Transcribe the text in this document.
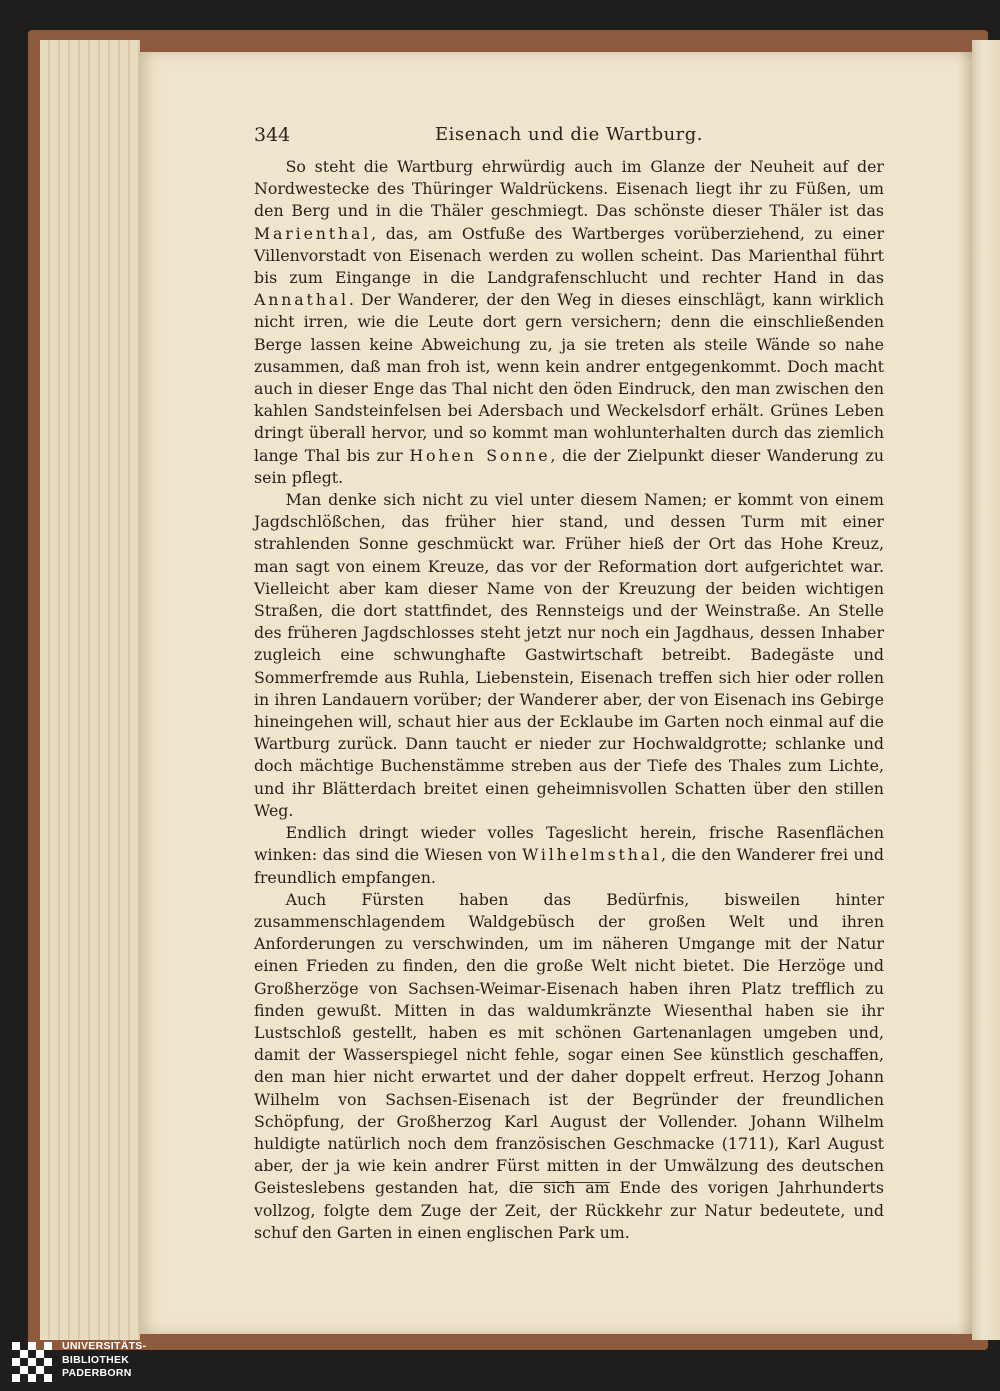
344	Eisenach und die Wartburg.

So steht die Wartburg ehrwürdig auch im Glanze der Neuheit auf der Nordwestecke des Thüringer Waldrückens. Eisenach liegt ihr zu Füßen, um den Berg und in die Thäler geschmiegt. Das schönste dieser Thäler ist das Marienthal, das, am Ostfuße des Wartberges vorüberziehend, zu einer Villenvorstadt von Eisenach werden zu wollen scheint. Das Marienthal führt bis zum Eingange in die Landgrafenschlucht und rechter Hand in das Annathal. Der Wanderer, der den Weg in dieses einschlägt, kann wirklich nicht irren, wie die Leute dort gern versichern; denn die einschließenden Berge lassen keine Abweichung zu, ja sie treten als steile Wände so nahe zusammen, daß man froh ist, wenn kein andrer entgegenkommt. Doch macht auch in dieser Enge das Thal nicht den öden Eindruck, den man zwischen den kahlen Sandsteinfelsen bei Adersbach und Weckelsdorf erhält. Grünes Leben dringt überall hervor, und so kommt man wohlunterhalten durch das ziemlich lange Thal bis zur Hohen Sonne, die der Zielpunkt dieser Wanderung zu sein pflegt.

Man denke sich nicht zu viel unter diesem Namen; er kommt von einem Jagdschlößchen, das früher hier stand, und dessen Turm mit einer strahlenden Sonne geschmückt war. Früher hieß der Ort das Hohe Kreuz, man sagt von einem Kreuze, das vor der Reformation dort aufgerichtet war. Vielleicht aber kam dieser Name von der Kreuzung der beiden wichtigen Straßen, die dort stattfindet, des Rennsteigs und der Weinstraße. An Stelle des früheren Jagdschlosses steht jetzt nur noch ein Jagdhaus, dessen Inhaber zugleich eine schwunghafte Gastwirtschaft betreibt. Badegäste und Sommerfremde aus Ruhla, Liebenstein, Eisenach treffen sich hier oder rollen in ihren Landauern vorüber; der Wanderer aber, der von Eisenach ins Gebirge hineingehen will, schaut hier aus der Ecklaube im Garten noch einmal auf die Wartburg zurück. Dann taucht er nieder zur Hochwaldgrotte; schlanke und doch mächtige Buchenstämme streben aus der Tiefe des Thales zum Lichte, und ihr Blätterdach breitet einen geheimnisvollen Schatten über den stillen Weg.

Endlich dringt wieder volles Tageslicht herein, frische Rasenflächen winken: das sind die Wiesen von Wilhelmsthal, die den Wanderer frei und freundlich empfangen.

Auch Fürsten haben das Bedürfnis, bisweilen hinter zusammenschlagendem Waldgebüsch der großen Welt und ihren Anforderungen zu verschwinden, um im näheren Umgange mit der Natur einen Frieden zu finden, den die große Welt nicht bietet. Die Herzöge und Großherzöge von Sachsen-Weimar-Eisenach haben ihren Platz trefflich zu finden gewußt. Mitten in das waldumkränzte Wiesenthal haben sie ihr Lustschloß gestellt, haben es mit schönen Gartenanlagen umgeben und, damit der Wasserspiegel nicht fehle, sogar einen See künstlich geschaffen, den man hier nicht erwartet und der daher doppelt erfreut. Herzog Johann Wilhelm von Sachsen-Eisenach ist der Begründer der freundlichen Schöpfung, der Großherzog Karl August der Vollender. Johann Wilhelm huldigte natürlich noch dem französischen Geschmacke (1711), Karl August aber, der ja wie kein andrer Fürst mitten in der Umwälzung des deutschen Geisteslebens gestanden hat, die sich am Ende des vorigen Jahrhunderts vollzog, folgte dem Zuge der Zeit, der Rückkehr zur Natur bedeutete, und schuf den Garten in einen englischen Park um.

UNIVERSITÄTS-
BIBLIOTHEK
PADERBORN
